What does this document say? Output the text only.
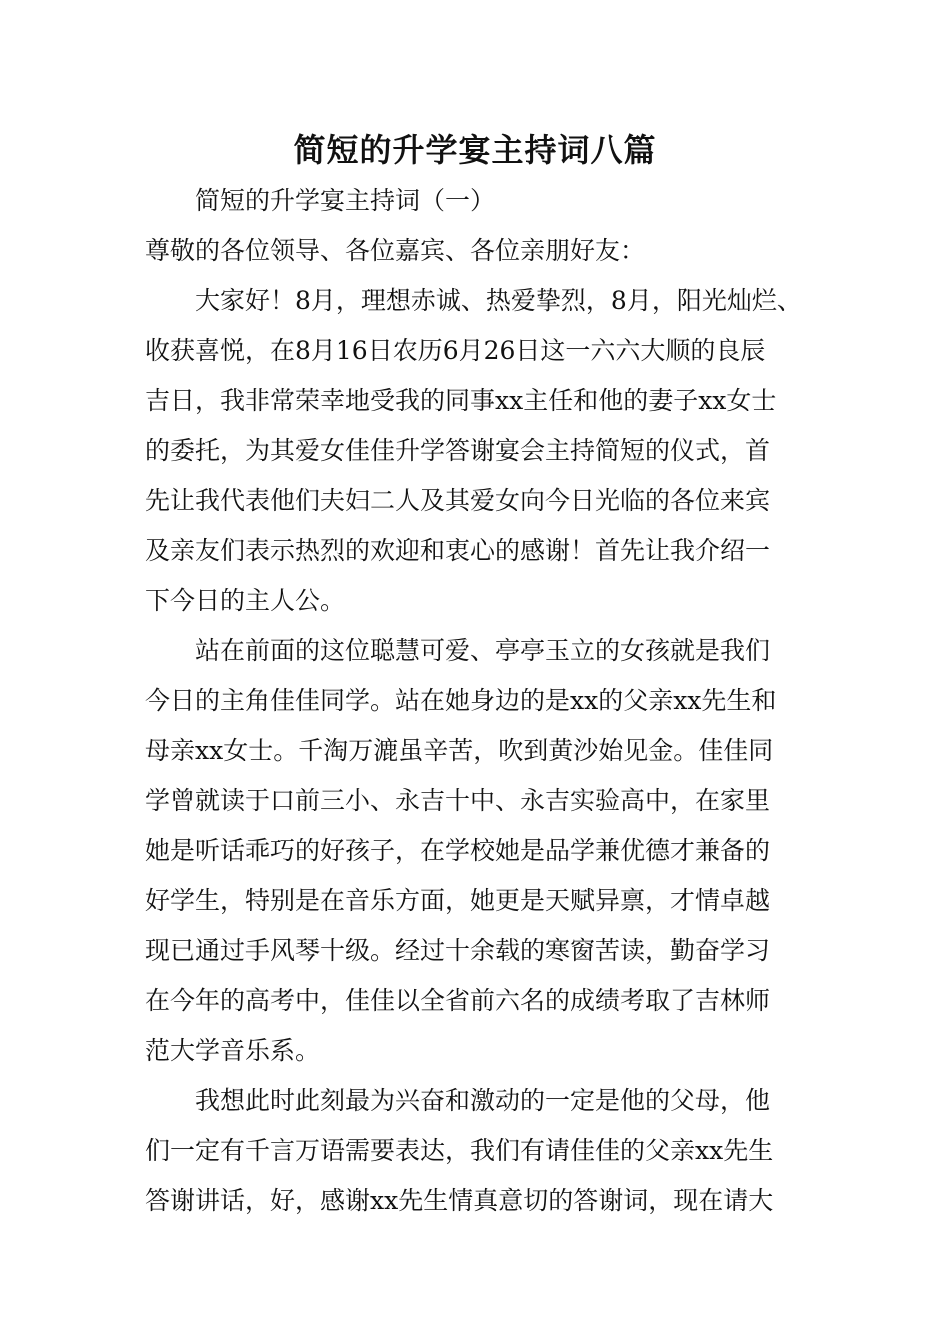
简短的升学宴主持词八篇
简短的升学宴主持词（一）
尊敬的各位领导、各位嘉宾、各位亲朋好友：
大家好！8月，理想赤诚、热爱挚烈，8月，阳光灿烂、
收获喜悦，在8月16日农历6月26日这一六六大顺的良辰
吉日，我非常荣幸地受我的同事xx主任和他的妻子xx女士
的委托，为其爱女佳佳升学答谢宴会主持简短的仪式，首
先让我代表他们夫妇二人及其爱女向今日光临的各位来宾
及亲友们表示热烈的欢迎和衷心的感谢！首先让我介绍一
下今日的主人公。
站在前面的这位聪慧可爱、亭亭玉立的女孩就是我们
今日的主角佳佳同学。站在她身边的是xx的父亲xx先生和
母亲xx女士。千淘万漉虽辛苦，吹到黄沙始见金。佳佳同
学曾就读于口前三小、永吉十中、永吉实验高中，在家里
她是听话乖巧的好孩子，在学校她是品学兼优德才兼备的
好学生，特别是在音乐方面，她更是天赋异禀，才情卓越
现已通过手风琴十级。经过十余载的寒窗苦读，勤奋学习
在今年的高考中，佳佳以全省前六名的成绩考取了吉林师
范大学音乐系。
我想此时此刻最为兴奋和激动的一定是他的父母，他
们一定有千言万语需要表达，我们有请佳佳的父亲xx先生
答谢讲话，好，感谢xx先生情真意切的答谢词，现在请大
